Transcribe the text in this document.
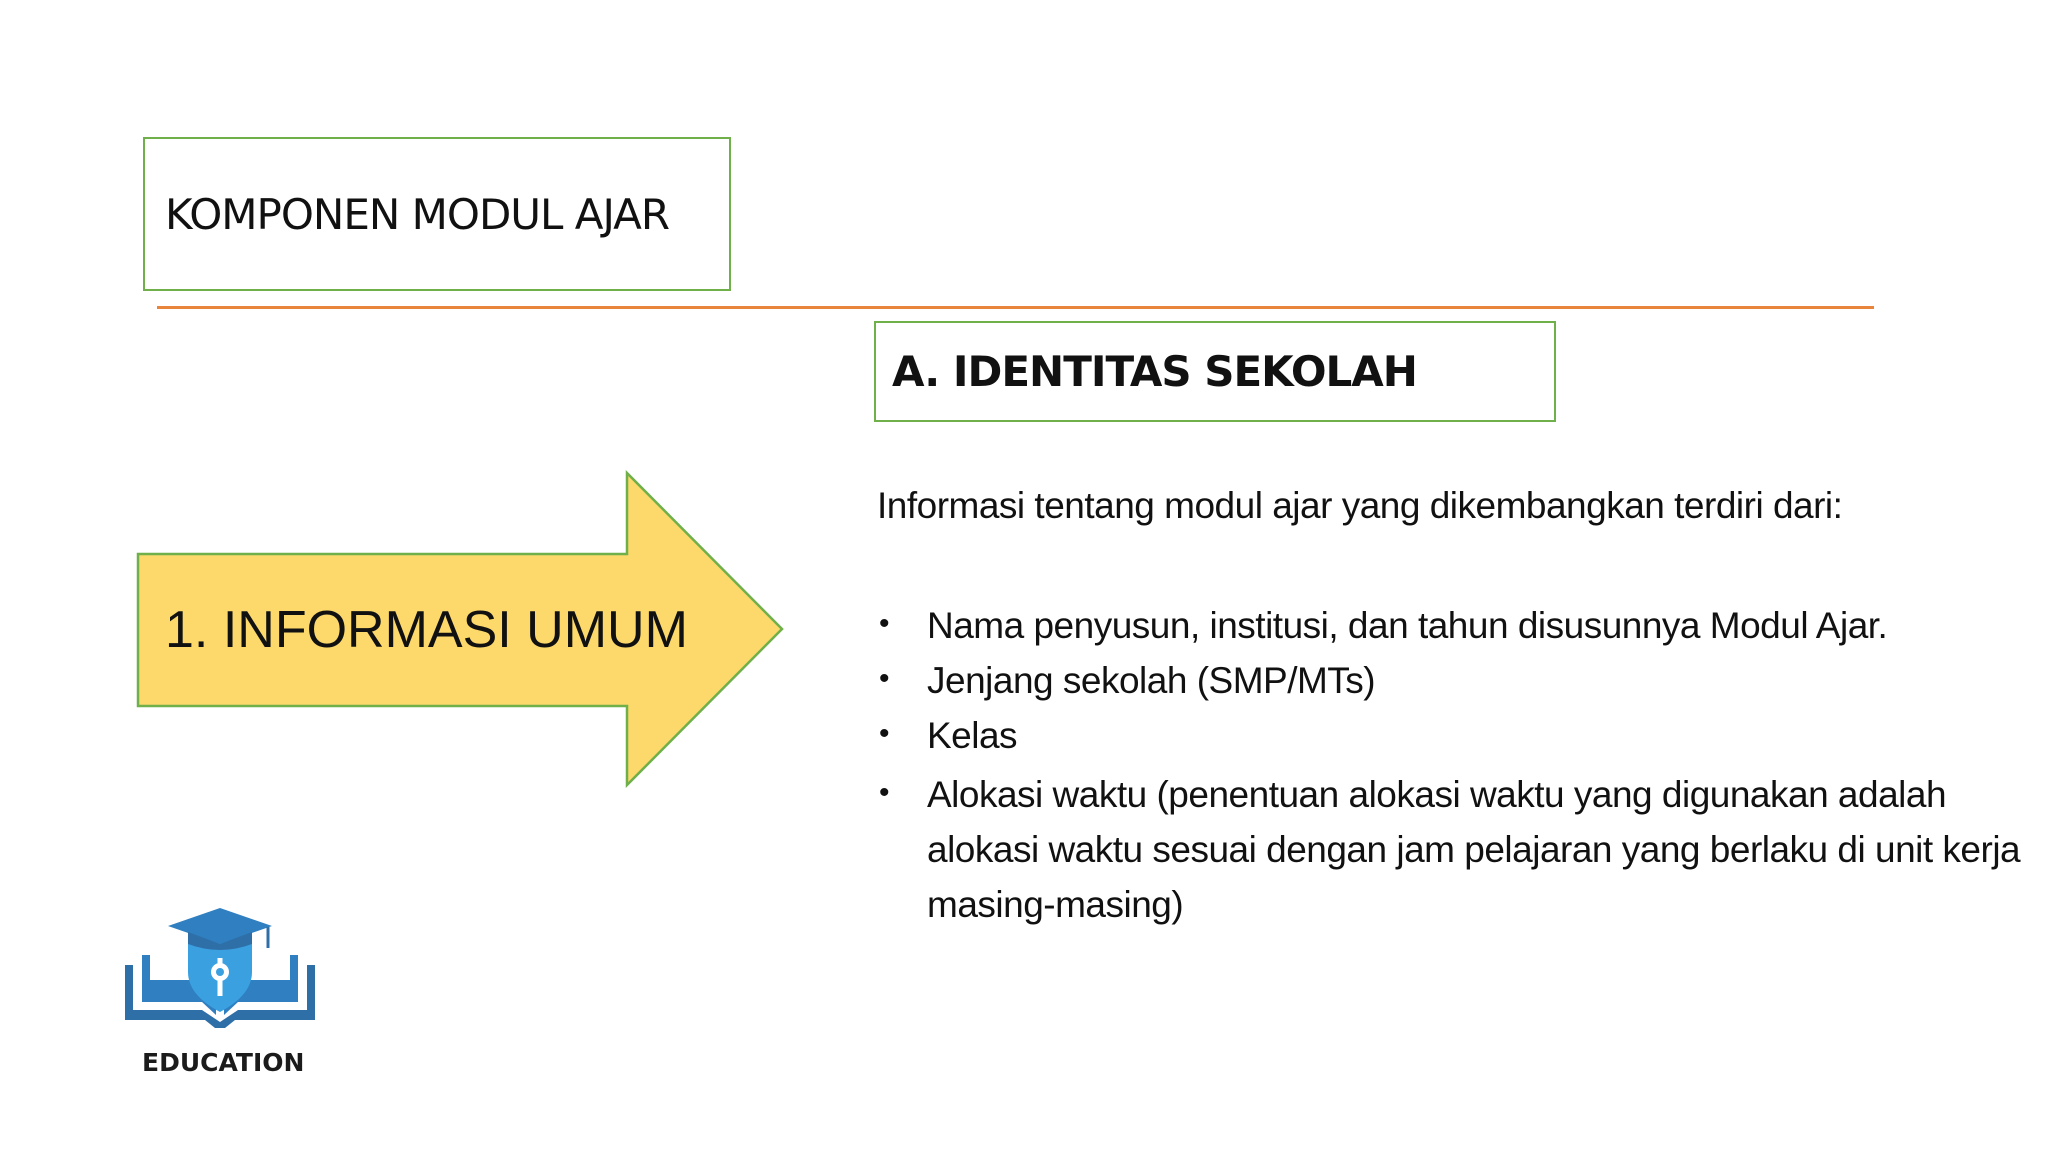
KOMPONEN MODUL AJAR
A. IDENTITAS SEKOLAH
1. INFORMASI UMUM
Informasi tentang modul ajar yang dikembangkan terdiri dari:
• Nama penyusun, institusi, dan tahun disusunnya Modul Ajar.
• Jenjang sekolah (SMP/MTs)
• Kelas
• Alokasi waktu (penentuan alokasi waktu yang digunakan adalah alokasi waktu sesuai dengan jam pelajaran yang berlaku di unit kerja masing-masing)
EDUCATION
